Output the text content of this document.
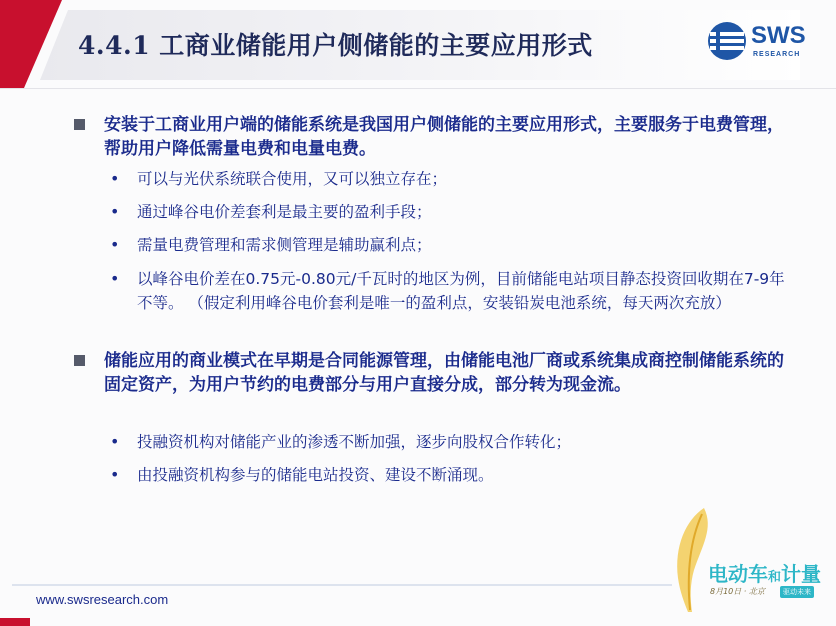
4.4.1 工商业储能用户侧储能的主要应用形式	SWS
RESEARCH
安装于工商业用户端的储能系统是我国用户侧储能的主要应用形式，主要服务于电费管理，帮助用户降低需量电费和电量电费。
• 可以与光伏系统联合使用，又可以独立存在；
• 通过峰谷电价差套利是最主要的盈利手段；
• 需量电费管理和需求侧管理是辅助赢利点；
• 以峰谷电价差在0.75元-0.80元/千瓦时的地区为例，目前储能电站项目静态投资回收期在7-9年不等。 （假定利用峰谷电价套利是唯一的盈利点，安装铅炭电池系统，每天两次充放）
储能应用的商业模式在早期是合同能源管理，由储能电池厂商或系统集成商控制储能系统的固定资产，为用户节约的电费部分与用户直接分成，部分转为现金流。
• 投融资机构对储能产业的渗透不断加强，逐步向股权合作转化；
• 由投融资机构参与的储能电站投资、建设不断涌现。
电动车和计量
8月10日 · 北京	驱动未来
www.swsresearch.com
